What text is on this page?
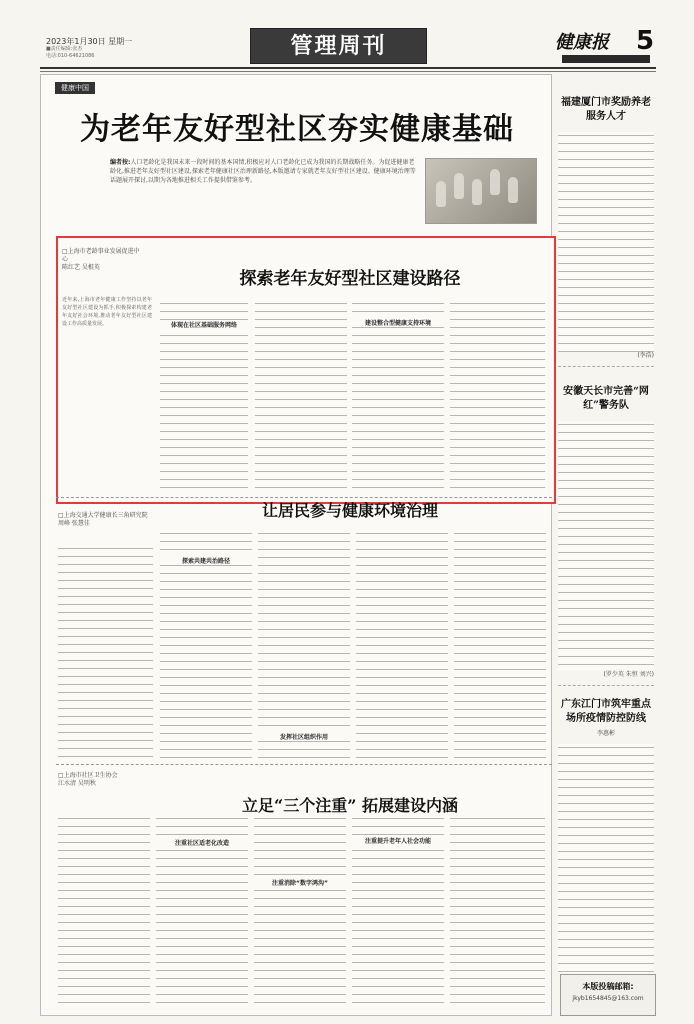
2023年1月30日 星期一
■责任编辑:张杰
电话:010-64621086	管理周刊	健康报 5
健康中国
为老年友好型社区夯实健康基础
编者按:人口老龄化是我国未来一段时间的基本国情,积极应对人口老龄化已成为我国的长期战略任务。为促进健康老龄化,推进老年友好型社区建设,探索老年健康社区治理新路径,本版邀请专家就老年友好型社区建设、健康环境治理等话题展开探讨,以期为各地推进相关工作提供借鉴参考。
□上海市老龄事业发展促进中心
陈红艺 吴根英
探索老年友好型社区建设路径
近年来,上海市老年健康工作坚持以老年友好型社区建设为抓手,积极探索构建老年友好社会环境,推动老年友好型社区建设工作高质量发展。	体现在社区基础服务网络	建设整合型健康支持环境
□上海交通大学健康长三角研究院
周峰 张慧佳
让居民参与健康环境治理
探索共建共治路径
发挥社区组织作用
□上海市社区卫生协会
江水清 吴明秋
立足“三个注重” 拓展建设内涵
注重社区适老化改造
注重消除“数字鸿沟”
注重提升老年人社会功能
福建厦门市奖励养老服务人才
(李浩)
安徽天长市完善“网红”警务队
(罗少英 朱恒 刘兴)
广东江门市筑牢重点场所疫情防控防线
李惠彬
本版投稿邮箱:
jkyb1654845@163.com
